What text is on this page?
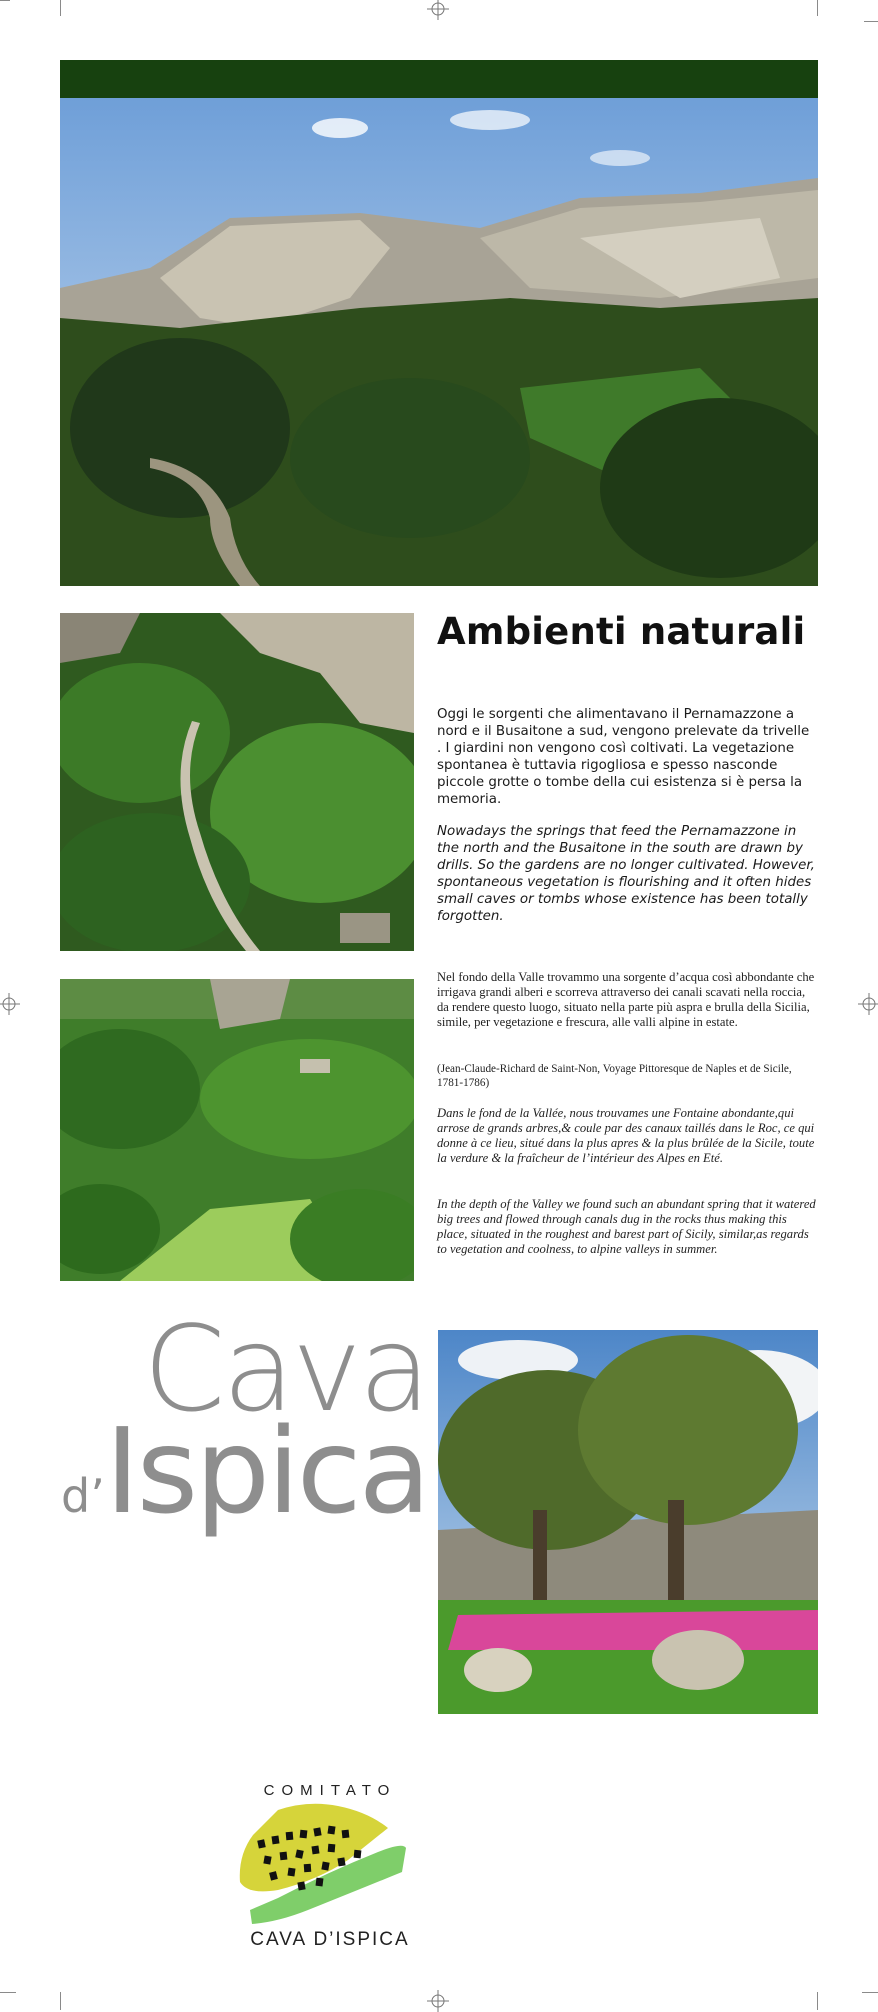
Ambienti naturali
Oggi le sorgenti che alimentavano il Pernamazzone a nord e il Busaitone a sud, vengono prelevate da trivelle . I giardini non vengono così coltivati. La vegetazione spontanea è tuttavia rigogliosa e spesso nasconde piccole grotte o tombe della cui esistenza si è persa la memoria.
Nowadays the springs that feed the Pernamazzone in the north and the Busaitone in the south are drawn by drills. So the gardens are no longer cultivated. However, spontaneous vegetation is flourishing and it often hides small caves or tombs whose existence has been totally forgotten.
Nel fondo della Valle trovammo una sorgente d’acqua così abbondante che irrigava grandi alberi e scorreva attraverso dei canali scavati nella roccia, da rendere questo luogo, situato nella parte più aspra e brulla della Sicilia, simile, per vegetazione e frescura, alle valli alpine in estate.
(Jean-Claude-Richard de Saint-Non, Voyage Pittoresque de Naples et de Sicile, 1781-1786)
Dans le fond de la Vallée, nous trouvames une Fontaine abondante,qui arrose de grands arbres,& coule par des canaux taillés dans le Roc, ce qui donne à ce lieu, situé dans la plus apres & la plus brûlée de la Sicile, toute la verdure & la fraîcheur de l’intérieur des Alpes en Eté.
In the depth of the Valley we found such an abundant spring that it watered big trees and flowed through canals dug in the rocks thus making this place, situated in the roughest and barest part of Sicily, similar,as regards to vegetation and coolness, to alpine valleys in summer.
Cava
d’Ispica
COMITATO
CAVA D’ISPICA
